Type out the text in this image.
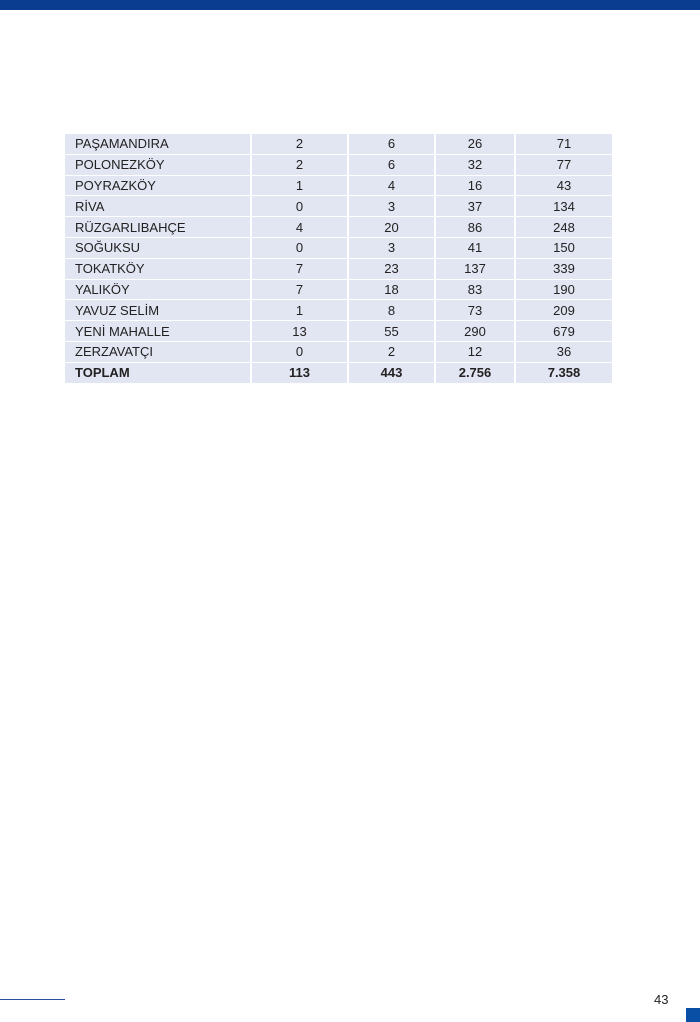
PAŞAMANDIRA	2	6	26	71
POLONEZKÖY	2	6	32	77
POYRAZKÖY	1	4	16	43
RİVA	0	3	37	134
RÜZGARLIBAHÇE	4	20	86	248
SOĞUKSU	0	3	41	150
TOKATKÖY	7	23	137	339
YALIKÖY	7	18	83	190
YAVUZ SELİM	1	8	73	209
YENİ MAHALLE	13	55	290	679
ZERZAVATÇI	0	2	12	36
TOPLAM	113	443	2.756	7.358
43
